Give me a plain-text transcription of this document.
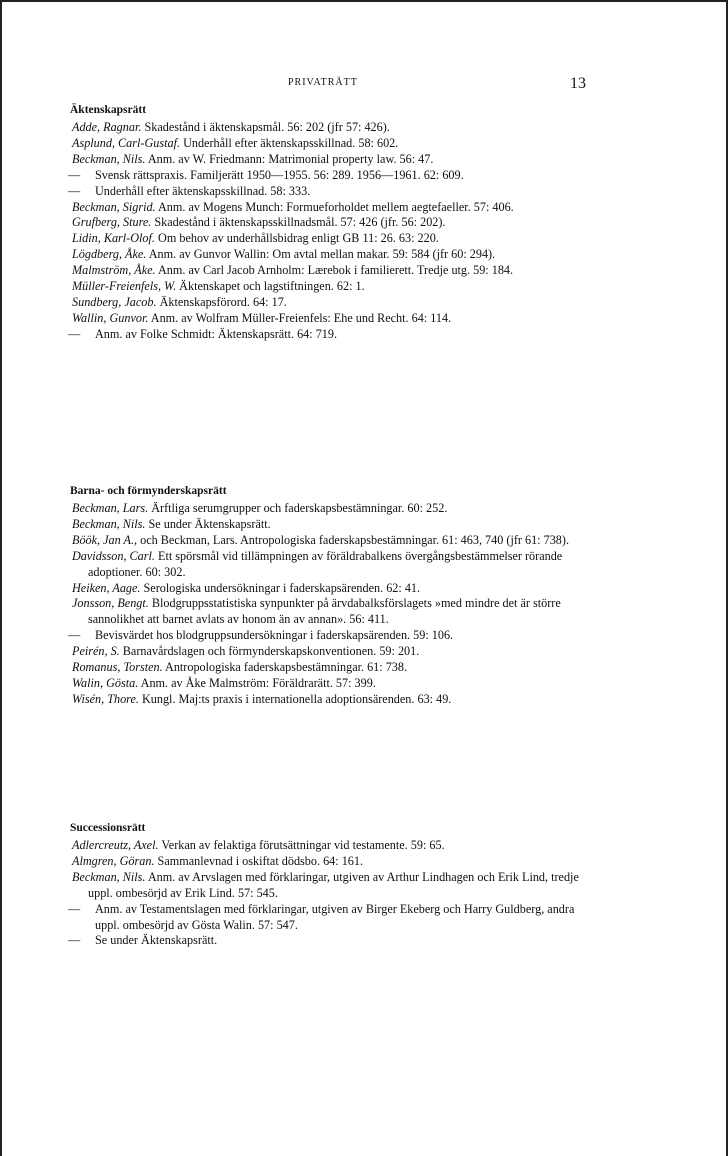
PRIVATRÄTT	13
Äktenskapsrätt

Adde, Ragnar. Skadestånd i äktenskapsmål. 56: 202 (jfr 57: 426).

Asplund, Carl-Gustaf. Underhåll efter äktenskapsskillnad. 58: 602.

Beckman, Nils. Anm. av W. Friedmann: Matrimonial property law. 56: 47.

— Svensk rättspraxis. Familjerätt 1950—1955. 56: 289. 1956—1961. 62: 609.

— Underhåll efter äktenskapsskillnad. 58: 333.

Beckman, Sigrid. Anm. av Mogens Munch: Formueforholdet mellem aegtefaeller. 57: 406.

Grufberg, Sture. Skadestånd i äktenskapsskillnadsmål. 57: 426 (jfr. 56: 202).

Lidin, Karl-Olof. Om behov av underhållsbidrag enligt GB 11: 26. 63: 220.

Lögdberg, Åke. Anm. av Gunvor Wallin: Om avtal mellan makar. 59: 584 (jfr 60: 294).

Malmström, Åke. Anm. av Carl Jacob Arnholm: Lærebok i familierett. Tredje utg. 59: 184.

Müller-Freienfels, W. Äktenskapet och lagstiftningen. 62: 1.

Sundberg, Jacob. Äktenskapsförord. 64: 17.

Wallin, Gunvor. Anm. av Wolfram Müller-Freienfels: Ehe und Recht. 64: 114.

— Anm. av Folke Schmidt: Äktenskapsrätt. 64: 719.

Barna- och förmynderskapsrätt

Beckman, Lars. Ärftliga serumgrupper och faderskapsbestämningar. 60: 252.

Beckman, Nils. Se under Äktenskapsrätt.

Böök, Jan A., och Beckman, Lars. Antropologiska faderskapsbestämningar. 61: 463, 740 (jfr 61: 738).

Davidsson, Carl. Ett spörsmål vid tillämpningen av föräldrabalkens övergångsbestämmelser rörande adoptioner. 60: 302.

Heiken, Aage. Serologiska undersökningar i faderskapsärenden. 62: 41.

Jonsson, Bengt. Blodgruppsstatistiska synpunkter på ärvdabalksförslagets »med mindre det är större sannolikhet att barnet avlats av honom än av annan». 56: 411.

— Bevisvärdet hos blodgruppsundersökningar i faderskapsärenden. 59: 106.

Peirén, S. Barnavårdslagen och förmynderskapskonventionen. 59: 201.

Romanus, Torsten. Antropologiska faderskapsbestämningar. 61: 738.

Walin, Gösta. Anm. av Åke Malmström: Föräldrarätt. 57: 399.

Wisén, Thore. Kungl. Maj:ts praxis i internationella adoptionsärenden. 63: 49.

Successionsrätt

Adlercreutz, Axel. Verkan av felaktiga förutsättningar vid testamente. 59: 65.

Almgren, Göran. Sammanlevnad i oskiftat dödsbo. 64: 161.

Beckman, Nils. Anm. av Arvslagen med förklaringar, utgiven av Arthur Lindhagen och Erik Lind, tredje uppl. ombesörjd av Erik Lind. 57: 545.

— Anm. av Testamentslagen med förklaringar, utgiven av Birger Ekeberg och Harry Guldberg, andra uppl. ombesörjd av Gösta Walin. 57: 547.

— Se under Äktenskapsrätt.
